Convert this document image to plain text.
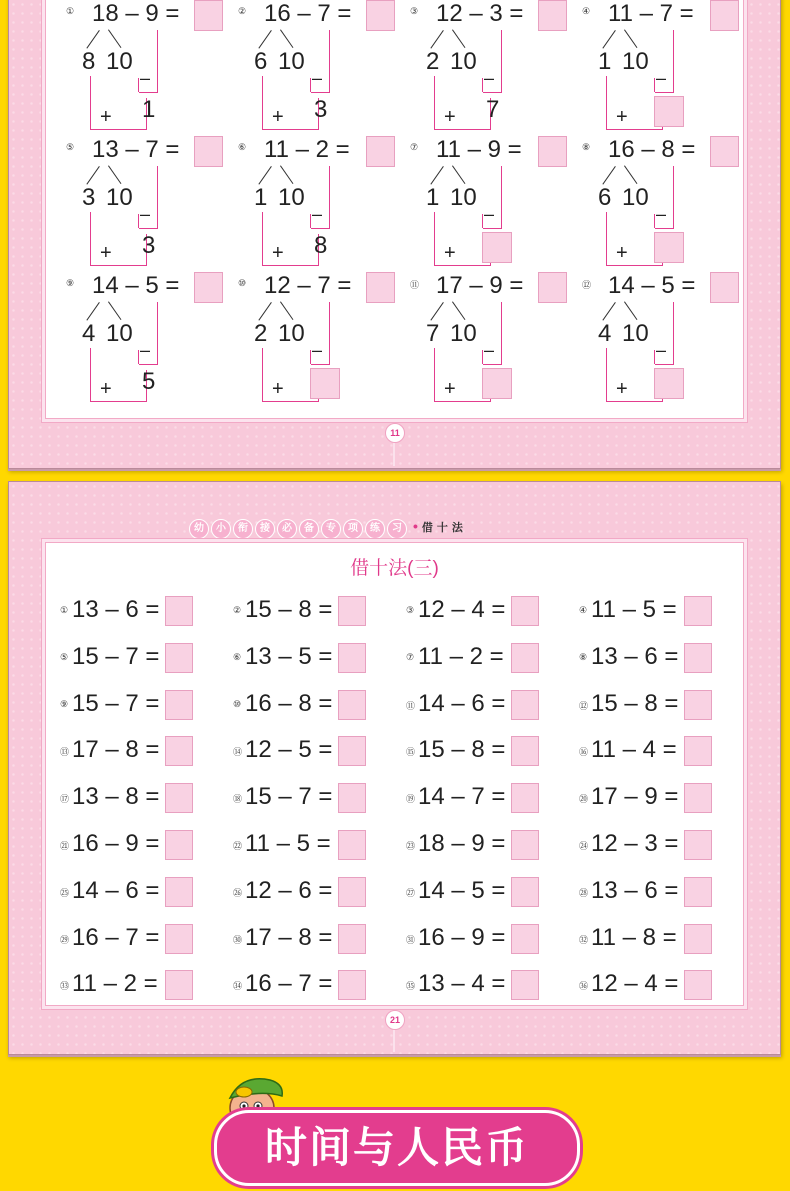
① 18 – 9 =
8 10
–
+ 1
② 16 – 7 =
6 10
–
+ 3
③ 12 – 3 =
2 10
–
+ 7
④ 11 – 7 =
1 10
–
+
⑤ 13 – 7 =
3 10
–
+ 3
⑥ 11 – 2 =
1 10
–
+ 8
⑦ 11 – 9 =
1 10
–
+
⑧ 16 – 8 =
6 10
–
+
⑨ 14 – 5 =
4 10
–
+ 5
⑩ 12 – 7 =
2 10
–
+
⑪ 17 – 9 =
7 10
–
+
⑫ 14 – 5 =
4 10
–
+
11
幼 小 衔 接 必 备 专 项 练 习 • 借 十 法
借十法(三)
① 13 – 6 =	② 15 – 8 =	③ 12 – 4 =	④ 11 – 5 =
⑤ 15 – 7 =	⑥ 13 – 5 =	⑦ 11 – 2 =	⑧ 13 – 6 =
⑨ 15 – 7 =	⑩ 16 – 8 =	⑪ 14 – 6 =	⑫ 15 – 8 =
⑬ 17 – 8 =	⑭ 12 – 5 =	⑮ 15 – 8 =	⑯ 11 – 4 =
⑰ 13 – 8 =	⑱ 15 – 7 =	⑲ 14 – 7 =	⑳ 17 – 9 =
㉑ 16 – 9 =	㉒ 11 – 5 =	㉓ 18 – 9 =	㉔ 12 – 3 =
㉕ 14 – 6 =	㉖ 12 – 6 =	㉗ 14 – 5 =	㉘ 13 – 6 =
㉙ 16 – 7 =	㉚ 17 – 8 =	㉛ 16 – 9 =	㉜ 11 – 8 =
㉝ 11 – 2 =	㉞ 16 – 7 =	㉟ 13 – 4 =	㊱ 12 – 4 =
21
时间与人民币
